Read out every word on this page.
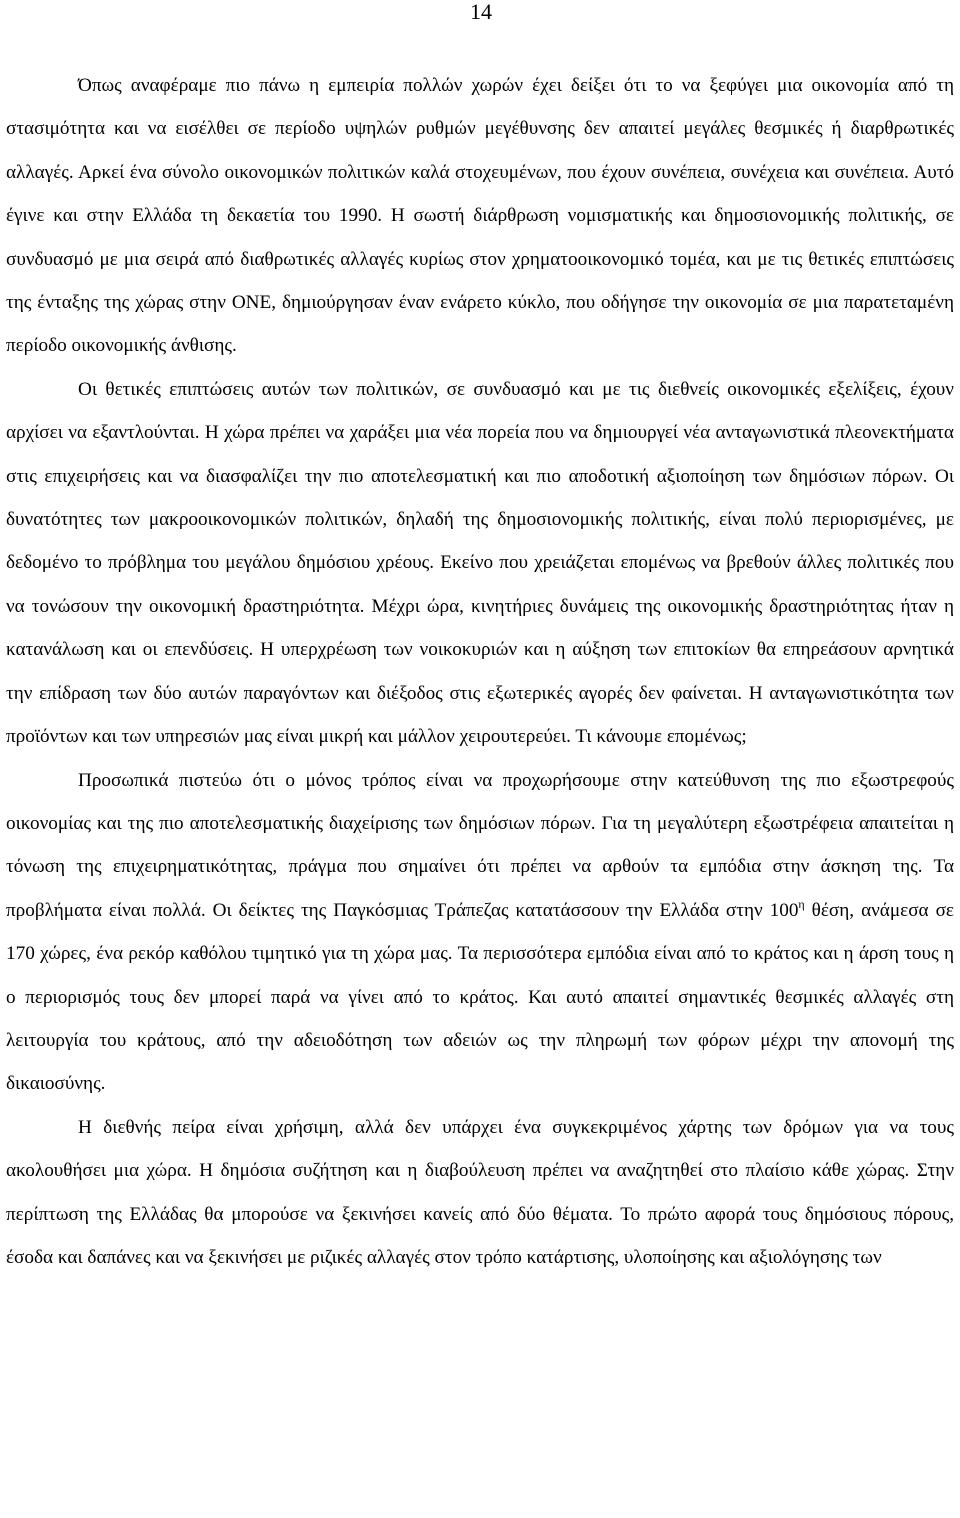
14

Όπως αναφέραμε πιο πάνω η εμπειρία πολλών χωρών έχει δείξει ότι το να ξεφύγει μια οικονομία από τη στασιμότητα και να εισέλθει σε περίοδο υψηλών ρυθμών μεγέθυνσης δεν απαιτεί μεγάλες θεσμικές ή διαρθρωτικές αλλαγές. Αρκεί ένα σύνολο οικονομικών πολιτικών καλά στοχευμένων, που έχουν συνέπεια, συνέχεια και συνέπεια. Αυτό έγινε και στην Ελλάδα τη δεκαετία του 1990. Η σωστή διάρθρωση νομισματικής και δημοσιονομικής πολιτικής, σε συνδυασμό με μια σειρά από διαθρωτικές αλλαγές κυρίως στον χρηματοοικονομικό τομέα, και με τις θετικές επιπτώσεις της ένταξης της χώρας στην ΟΝΕ, δημιούργησαν έναν ενάρετο κύκλο, που οδήγησε την οικονομία σε μια παρατεταμένη περίοδο οικονομικής άνθισης.

Οι θετικές επιπτώσεις αυτών των πολιτικών, σε συνδυασμό και με τις διεθνείς οικονομικές εξελίξεις, έχουν αρχίσει να εξαντλούνται. Η χώρα πρέπει να χαράξει μια νέα πορεία που να δημιουργεί νέα ανταγωνιστικά πλεονεκτήματα στις επιχειρήσεις και να διασφαλίζει την πιο αποτελεσματική και πιο αποδοτική αξιοποίηση των δημόσιων πόρων. Οι δυνατότητες των μακροοικονομικών πολιτικών, δηλαδή της δημοσιονομικής πολιτικής, είναι πολύ περιορισμένες, με δεδομένο το πρόβλημα του μεγάλου δημόσιου χρέους. Εκείνο που χρειάζεται επομένως να βρεθούν άλλες πολιτικές που να τονώσουν την οικονομική δραστηριότητα. Μέχρι ώρα, κινητήριες δυνάμεις της οικονομικής δραστηριότητας ήταν η κατανάλωση και οι επενδύσεις. Η υπερχρέωση των νοικοκυριών και η αύξηση των επιτοκίων θα επηρεάσουν αρνητικά την επίδραση των δύο αυτών παραγόντων και διέξοδος στις εξωτερικές αγορές δεν φαίνεται. Η ανταγωνιστικότητα των προϊόντων και των υπηρεσιών μας είναι μικρή και μάλλον χειρουτερεύει. Τι κάνουμε επομένως;

Προσωπικά πιστεύω ότι ο μόνος τρόπος είναι να προχωρήσουμε στην κατεύθυνση της πιο εξωστρεφούς οικονομίας και της πιο αποτελεσματικής διαχείρισης των δημόσιων πόρων. Για τη μεγαλύτερη εξωστρέφεια απαιτείται η τόνωση της επιχειρηματικότητας, πράγμα που σημαίνει ότι πρέπει να αρθούν τα εμπόδια στην άσκηση της. Τα προβλήματα είναι πολλά. Οι δείκτες της Παγκόσμιας Τράπεζας κατατάσσουν την Ελλάδα στην $100^\eta$ θέση, ανάμεσα σε 170 χώρες, ένα ρεκόρ καθόλου τιμητικό για τη χώρα μας. Τα περισσότερα εμπόδια είναι από το κράτος και η άρση τους η ο περιορισμός τους δεν μπορεί παρά να γίνει από το κράτος. Και αυτό απαιτεί σημαντικές θεσμικές αλλαγές στη λειτουργία του κράτους, από την αδειοδότηση των αδειών ως την πληρωμή των φόρων μέχρι την απονομή της δικαιοσύνης.

Η διεθνής πείρα είναι χρήσιμη, αλλά δεν υπάρχει ένα συγκεκριμένος χάρτης των δρόμων για να τους ακολουθήσει μια χώρα. Η δημόσια συζήτηση και η διαβούλευση πρέπει να αναζητηθεί στο πλαίσιο κάθε χώρας. Στην περίπτωση της Ελλάδας θα μπορούσε να ξεκινήσει κανείς από δύο θέματα. Το πρώτο αφορά τους δημόσιους πόρους, έσοδα και δαπάνες και να ξεκινήσει με ριζικές αλλαγές στον τρόπο κατάρτισης, υλοποίησης και αξιολόγησης των
